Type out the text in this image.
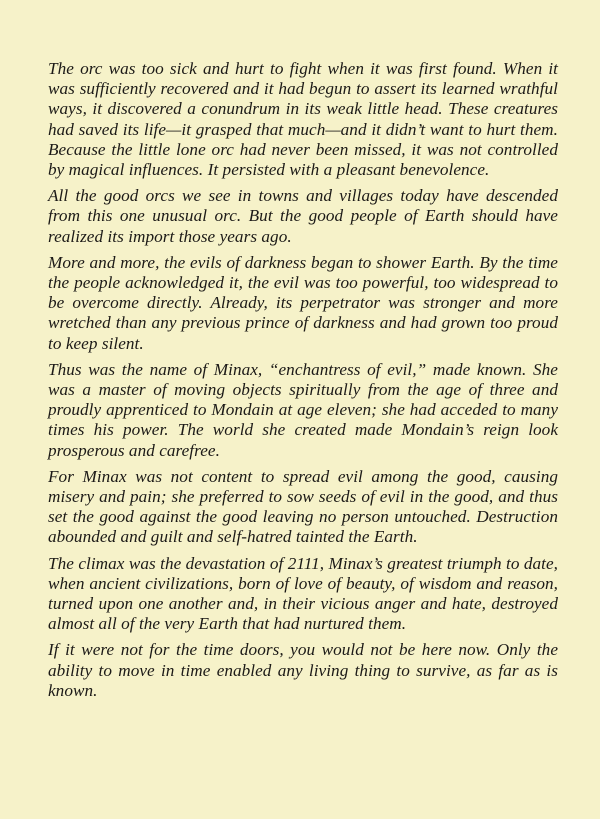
The orc was too sick and hurt to fight when it was first found. When it was sufficiently recovered and it had begun to assert its learned wrathful ways, it discovered a conundrum in its weak little head. These creatures had saved its life—it grasped that much—and it didn’t want to hurt them. Because the little lone orc had never been missed, it was not controlled by magical influences. It persisted with a pleasant benevolence.

All the good orcs we see in towns and villages today have descended from this one unusual orc. But the good people of Earth should have realized its import those years ago.

More and more, the evils of darkness began to shower Earth. By the time the people acknowledged it, the evil was too powerful, too widespread to be overcome directly. Already, its perpetrator was stronger and more wretched than any previous prince of darkness and had grown too proud to keep silent.

Thus was the name of Minax, “enchantress of evil,” made known. She was a master of moving objects spiritually from the age of three and proudly apprenticed to Mondain at age eleven; she had acceded to many times his power. The world she created made Mondain’s reign look prosperous and carefree.

For Minax was not content to spread evil among the good, causing misery and pain; she preferred to sow seeds of evil in the good, and thus set the good against the good leaving no person untouched. Destruction abounded and guilt and self-hatred tainted the Earth.

The climax was the devastation of 2111, Minax’s greatest triumph to date, when ancient civilizations, born of love of beauty, of wisdom and reason, turned upon one another and, in their vicious anger and hate, destroyed almost all of the very Earth that had nurtured them.

If it were not for the time doors, you would not be here now. Only the ability to move in time enabled any living thing to survive, as far as is known.
